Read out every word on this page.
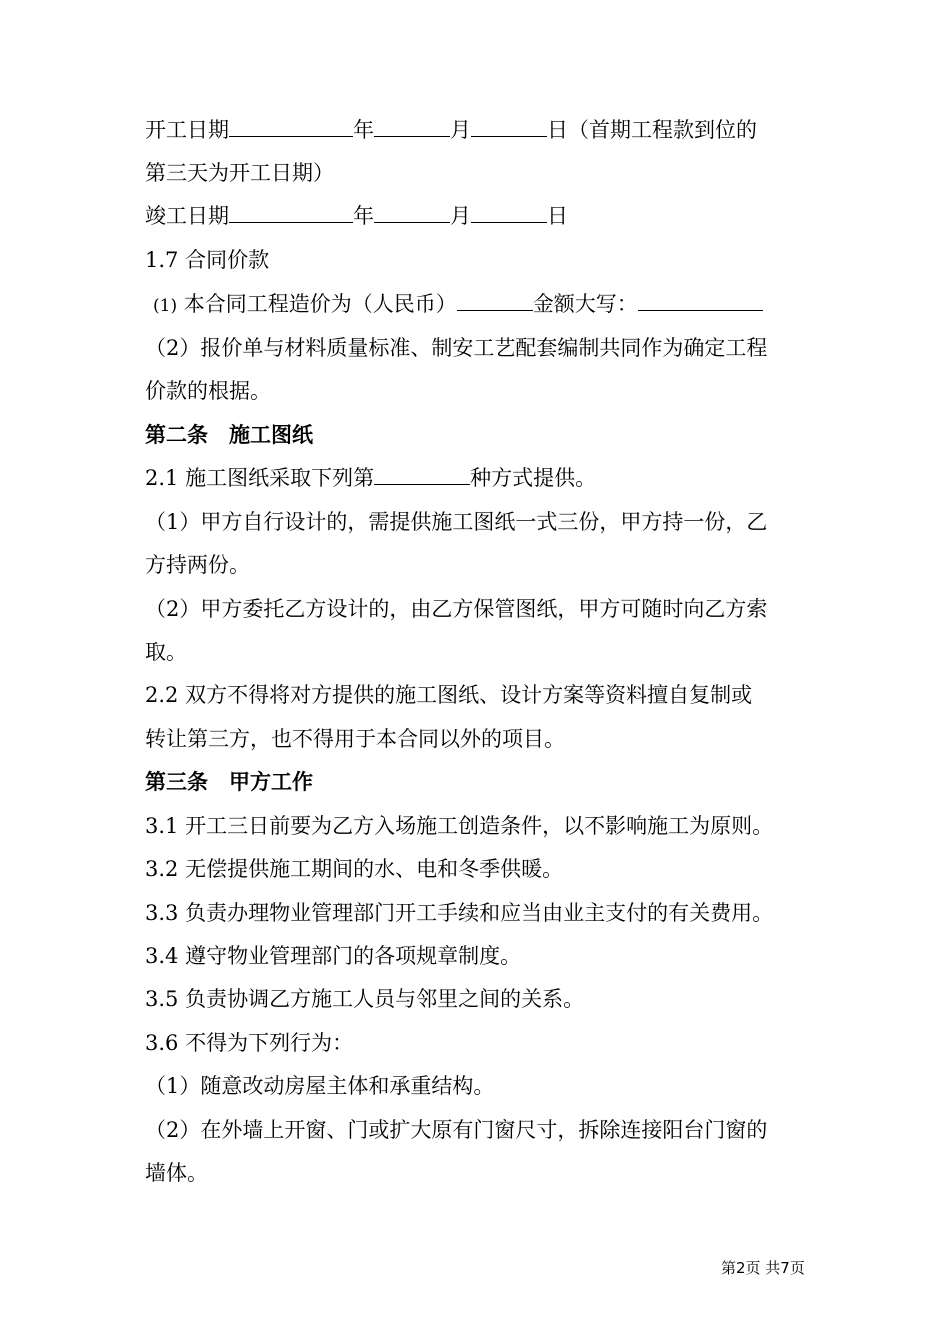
开工日期	年	月	日（首期工程款到位的
第三天为开工日期）
竣工日期	年	月	日
1.7 合同价款
(1) 本合同工程造价为（人民币）	金额大写：
（2）报价单与材料质量标准、制安工艺配套编制共同作为确定工程
价款的根据。
第二条　施工图纸
2.1 施工图纸采取下列第	种方式提供。
（1）甲方自行设计的，需提供施工图纸一式三份，甲方持一份，乙
方持两份。
（2）甲方委托乙方设计的，由乙方保管图纸，甲方可随时向乙方索
取。
2.2 双方不得将对方提供的施工图纸、设计方案等资料擅自复制或
转让第三方，也不得用于本合同以外的项目。
第三条　甲方工作
3.1 开工三日前要为乙方入场施工创造条件，以不影响施工为原则。
3.2 无偿提供施工期间的水、电和冬季供暖。
3.3 负责办理物业管理部门开工手续和应当由业主支付的有关费用。
3.4 遵守物业管理部门的各项规章制度。
3.5 负责协调乙方施工人员与邻里之间的关系。
3.6 不得为下列行为：
（1）随意改动房屋主体和承重结构。
（2）在外墙上开窗、门或扩大原有门窗尺寸，拆除连接阳台门窗的
墙体。
第2页 共7页
